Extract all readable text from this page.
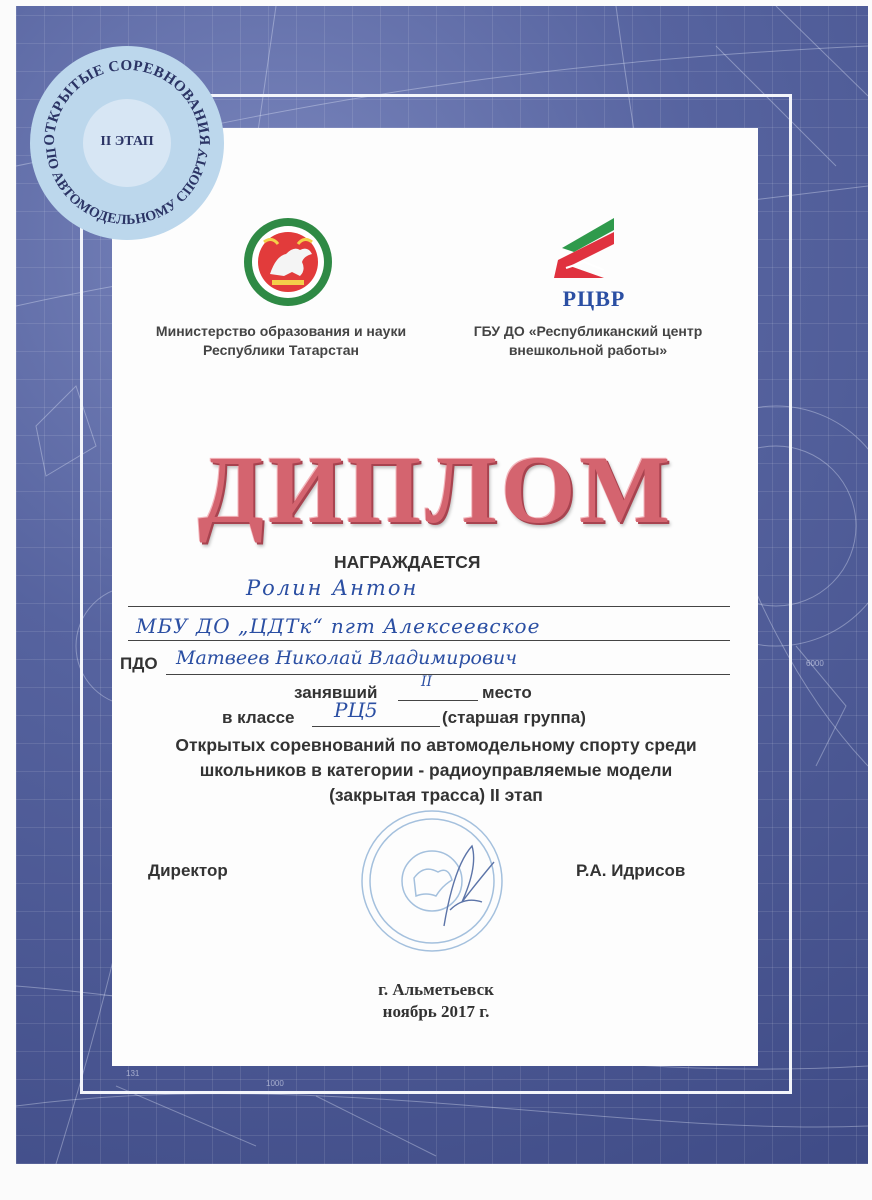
6000
131
1000
ОТКРЫТЫЕ СОРЕВНОВАНИЯ
ПО АВТОМОДЕЛЬНОМУ СПОРТУ
II ЭТАП
РЦВР
Министерство образования и науки
Республики Татарстан
ГБУ ДО «Республиканский центр
внешкольной работы»
ДИПЛОМ
НАГРАЖДАЕТСЯ
Ролин Антон
МБУ ДО „ЦДТк“ пгт Алексеевское
ПДО Матвеев Николай Владимирович
занявший
II
место
в классе РЦ5	(старшая группа)
Открытых соревнований по автомодельному спорту среди
школьников в категории - радиоуправляемые модели
(закрытая трасса) II этап
Директор	Р.А. Идрисов
г. Альметьевск
ноябрь 2017 г.
